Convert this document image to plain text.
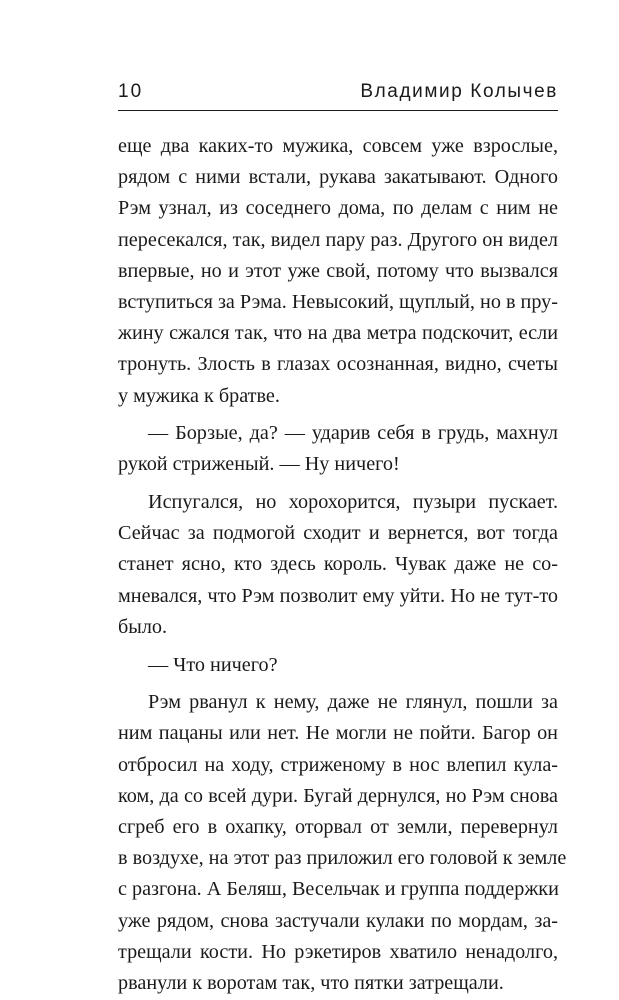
10	Владимир Колычев
еще два каких-то мужика, совсем уже взрослые,
рядом с ними встали, рукава закатывают. Одного
Рэм узнал, из соседнего дома, по делам с ним не
пересекался, так, видел пару раз. Другого он видел
впервые, но и этот уже свой, потому что вызвался
вступиться за Рэма. Невысокий, щуплый, но в пру-
жину сжался так, что на два метра подскочит, если
тронуть. Злость в глазах осознанная, видно, счеты
у мужика к братве.
— Борзые, да? — ударив себя в грудь, махнул
рукой стриженый. — Ну ничего!
Испугался, но хорохорится, пузыри пускает.
Сейчас за подмогой сходит и вернется, вот тогда
станет ясно, кто здесь король. Чувак даже не со-
мневался, что Рэм позволит ему уйти. Но не тут-то
было.
— Что ничего?
Рэм рванул к нему, даже не глянул, пошли за
ним пацаны или нет. Не могли не пойти. Багор он
отбросил на ходу, стриженому в нос влепил кула-
ком, да со всей дури. Бугай дернулся, но Рэм снова
сгреб его в охапку, оторвал от земли, перевернул
в воздухе, на этот раз приложил его головой к земле
с разгона. А Беляш, Весельчак и группа поддержки
уже рядом, снова застучали кулаки по мордам, за-
трещали кости. Но рэкетиров хватило ненадолго,
рванули к воротам так, что пятки затрещали.
